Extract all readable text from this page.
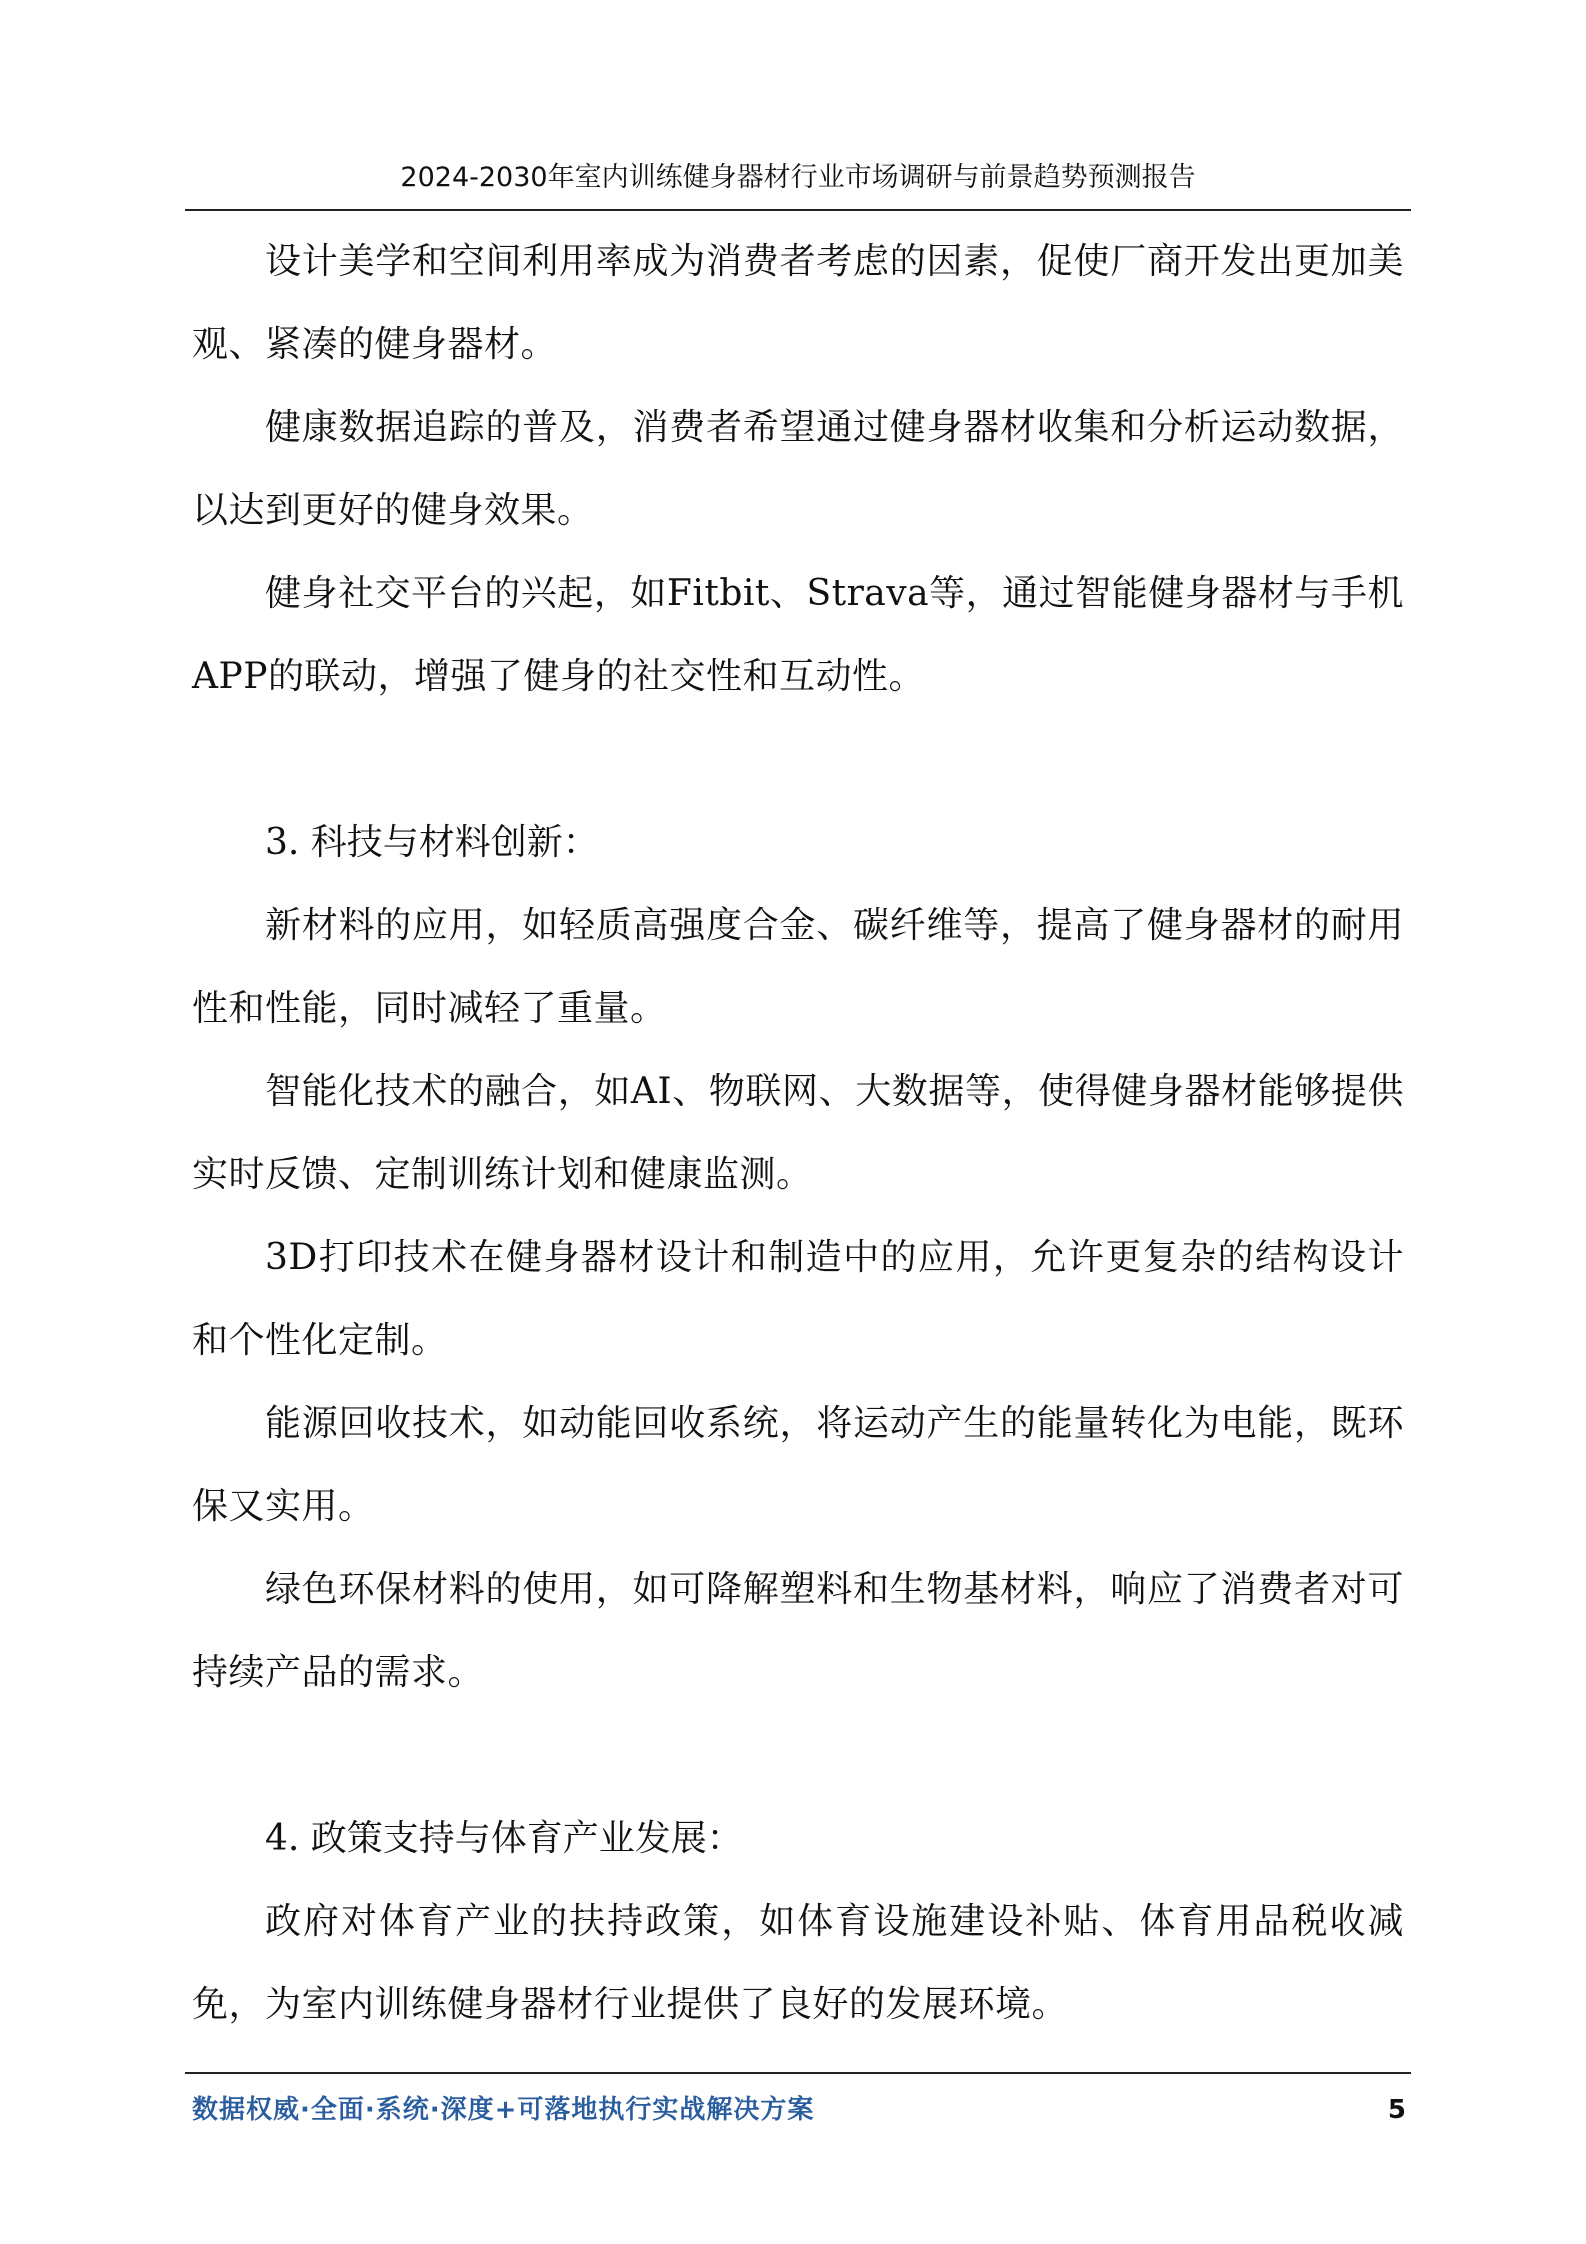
2024-2030年室内训练健身器材行业市场调研与前景趋势预测报告

设计美学和空间利用率成为消费者考虑的因素，促使厂商开发出更加美观、紧凑的健身器材。

健康数据追踪的普及，消费者希望通过健身器材收集和分析运动数据，以达到更好的健身效果。

健身社交平台的兴起，如Fitbit、Strava等，通过智能健身器材与手机APP的联动，增强了健身的社交性和互动性。

3. 科技与材料创新：

新材料的应用，如轻质高强度合金、碳纤维等，提高了健身器材的耐用性和性能，同时减轻了重量。

智能化技术的融合，如AI、物联网、大数据等，使得健身器材能够提供实时反馈、定制训练计划和健康监测。

3D打印技术在健身器材设计和制造中的应用，允许更复杂的结构设计和个性化定制。

能源回收技术，如动能回收系统，将运动产生的能量转化为电能，既环保又实用。

绿色环保材料的使用，如可降解塑料和生物基材料，响应了消费者对可持续产品的需求。

4. 政策支持与体育产业发展：

政府对体育产业的扶持政策，如体育设施建设补贴、体育用品税收减免，为室内训练健身器材行业提供了良好的发展环境。

数据权威·全面·系统·深度+可落地执行实战解决方案	5
